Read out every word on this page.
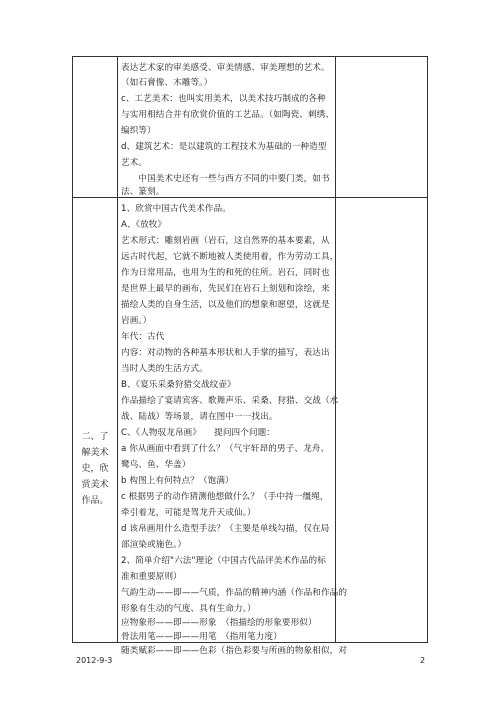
表达艺术家的审美感受、审美情感、审美理想的艺术。
（如石膏像、木雕等。）
c、工艺美术：也叫实用美术，以美术技巧制成的各种
与实用相结合并有欣赏价值的工艺品。（如陶瓷、刺绣、
编织等）
d、建筑艺术：是以建筑的工程技术为基础的一种造型
艺术。
　　中国美术史还有一些与西方不同的中要门类，如书
法、篆刻。
二、了
解美术
史，欣
赏美术
作品。
1、欣赏中国古代美术作品。
A、《放牧》
艺术形式：雕刻岩画（岩石，这自然界的基本要素，从
远古时代起，它就不断地被人类使用着，作为劳动工具，
作为日常用品，也用为生的和死的住所。岩石，同时也
是世界上最早的画布，先民们在岩石上刻划和涂绘，来
描绘人类的自身生活，以及他们的想象和愿望，这就是
岩画。）
年代：古代
内容：对动物的各种基本形状和人手掌的描写，表达出
当时人类的生活方式。
B、《宴乐采桑狩猎交战纹壶》
作品描绘了宴请宾客、歌舞声乐、采桑、狩猎、交战（水
战、陆战）等场景，请在图中一一找出。
C、《人物驭龙帛画》　　提问四个问题：
a 你从画面中看到了什么？（气宇轩昂的男子、龙舟、
鹭鸟、鱼、华盖）
b 构图上有何特点？（饱满）
c 根据男子的动作猜测他想做什么？（手中持一缰绳，
牵引着龙，可能是驾龙升天成仙。）
d 该帛画用什么造型手法？（主要是单线勾描，仅在局
部渲染或施色。）
2、简单介绍"六法"理论（中国古代品评美术作品的标
准和重要原则）
气韵生动——即——气质，作品的精神内涵（作品和作品的
形象有生动的气度、具有生命力。）
应物象形——即——形象　（指描绘的形象要形似）
骨法用笔——即——用笔　（指用笔力度）
随类赋彩——即——色彩（指色彩要与所画的物象相似，对
2012-9-3	2
